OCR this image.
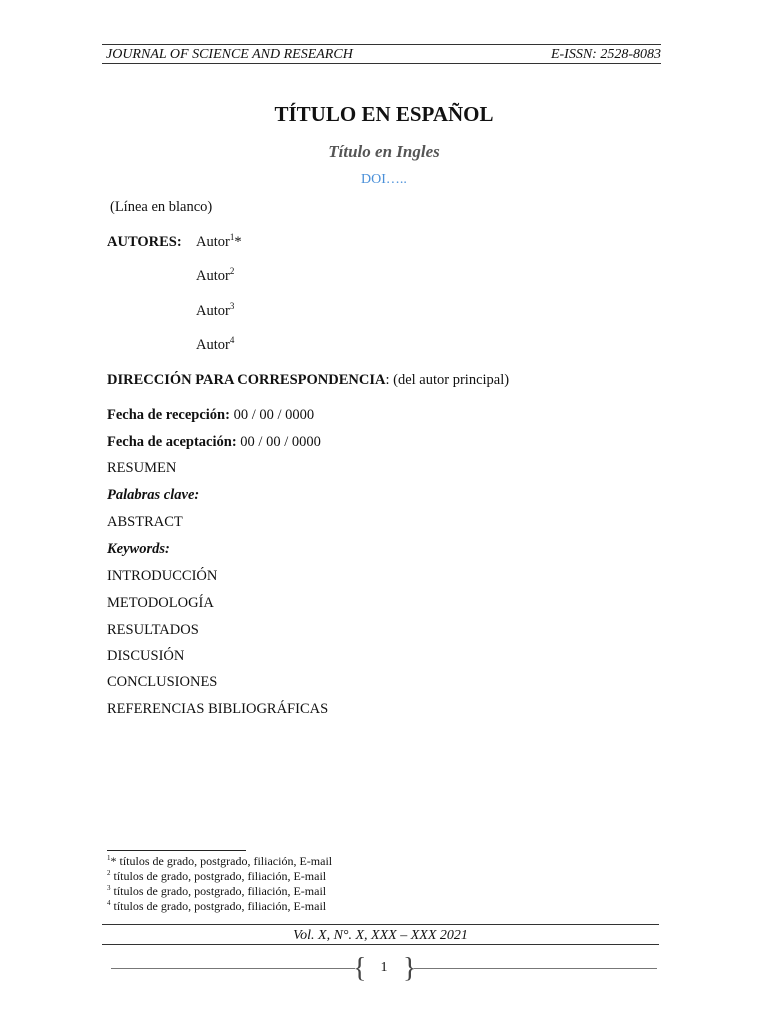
JOURNAL OF SCIENCE AND RESEARCH	E-ISSN: 2528-8083
TÍTULO EN ESPAÑOL
Título en Ingles
DOI…..
(Línea en blanco)
AUTORES: Autor$^1$*
Autor$^2$
Autor$^3$
Autor$^4$
DIRECCIÓN PARA CORRESPONDENCIA: (del autor principal)
Fecha de recepción: 00 / 00 / 0000
Fecha de aceptación: 00 / 00 / 0000
RESUMEN
Palabras clave:
ABSTRACT
Keywords:
INTRODUCCIÓN
METODOLOGÍA
RESULTADOS
DISCUSIÓN
CONCLUSIONES
REFERENCIAS BIBLIOGRÁFICAS
$^1$* títulos de grado, postgrado, filiación, E-mail
$^2$ títulos de grado, postgrado, filiación, E-mail
$^3$ títulos de grado, postgrado, filiación, E-mail
$^4$ títulos de grado, postgrado, filiación, E-mail
Vol. X, N°. X, XXX – XXX 2021
{	1 }
